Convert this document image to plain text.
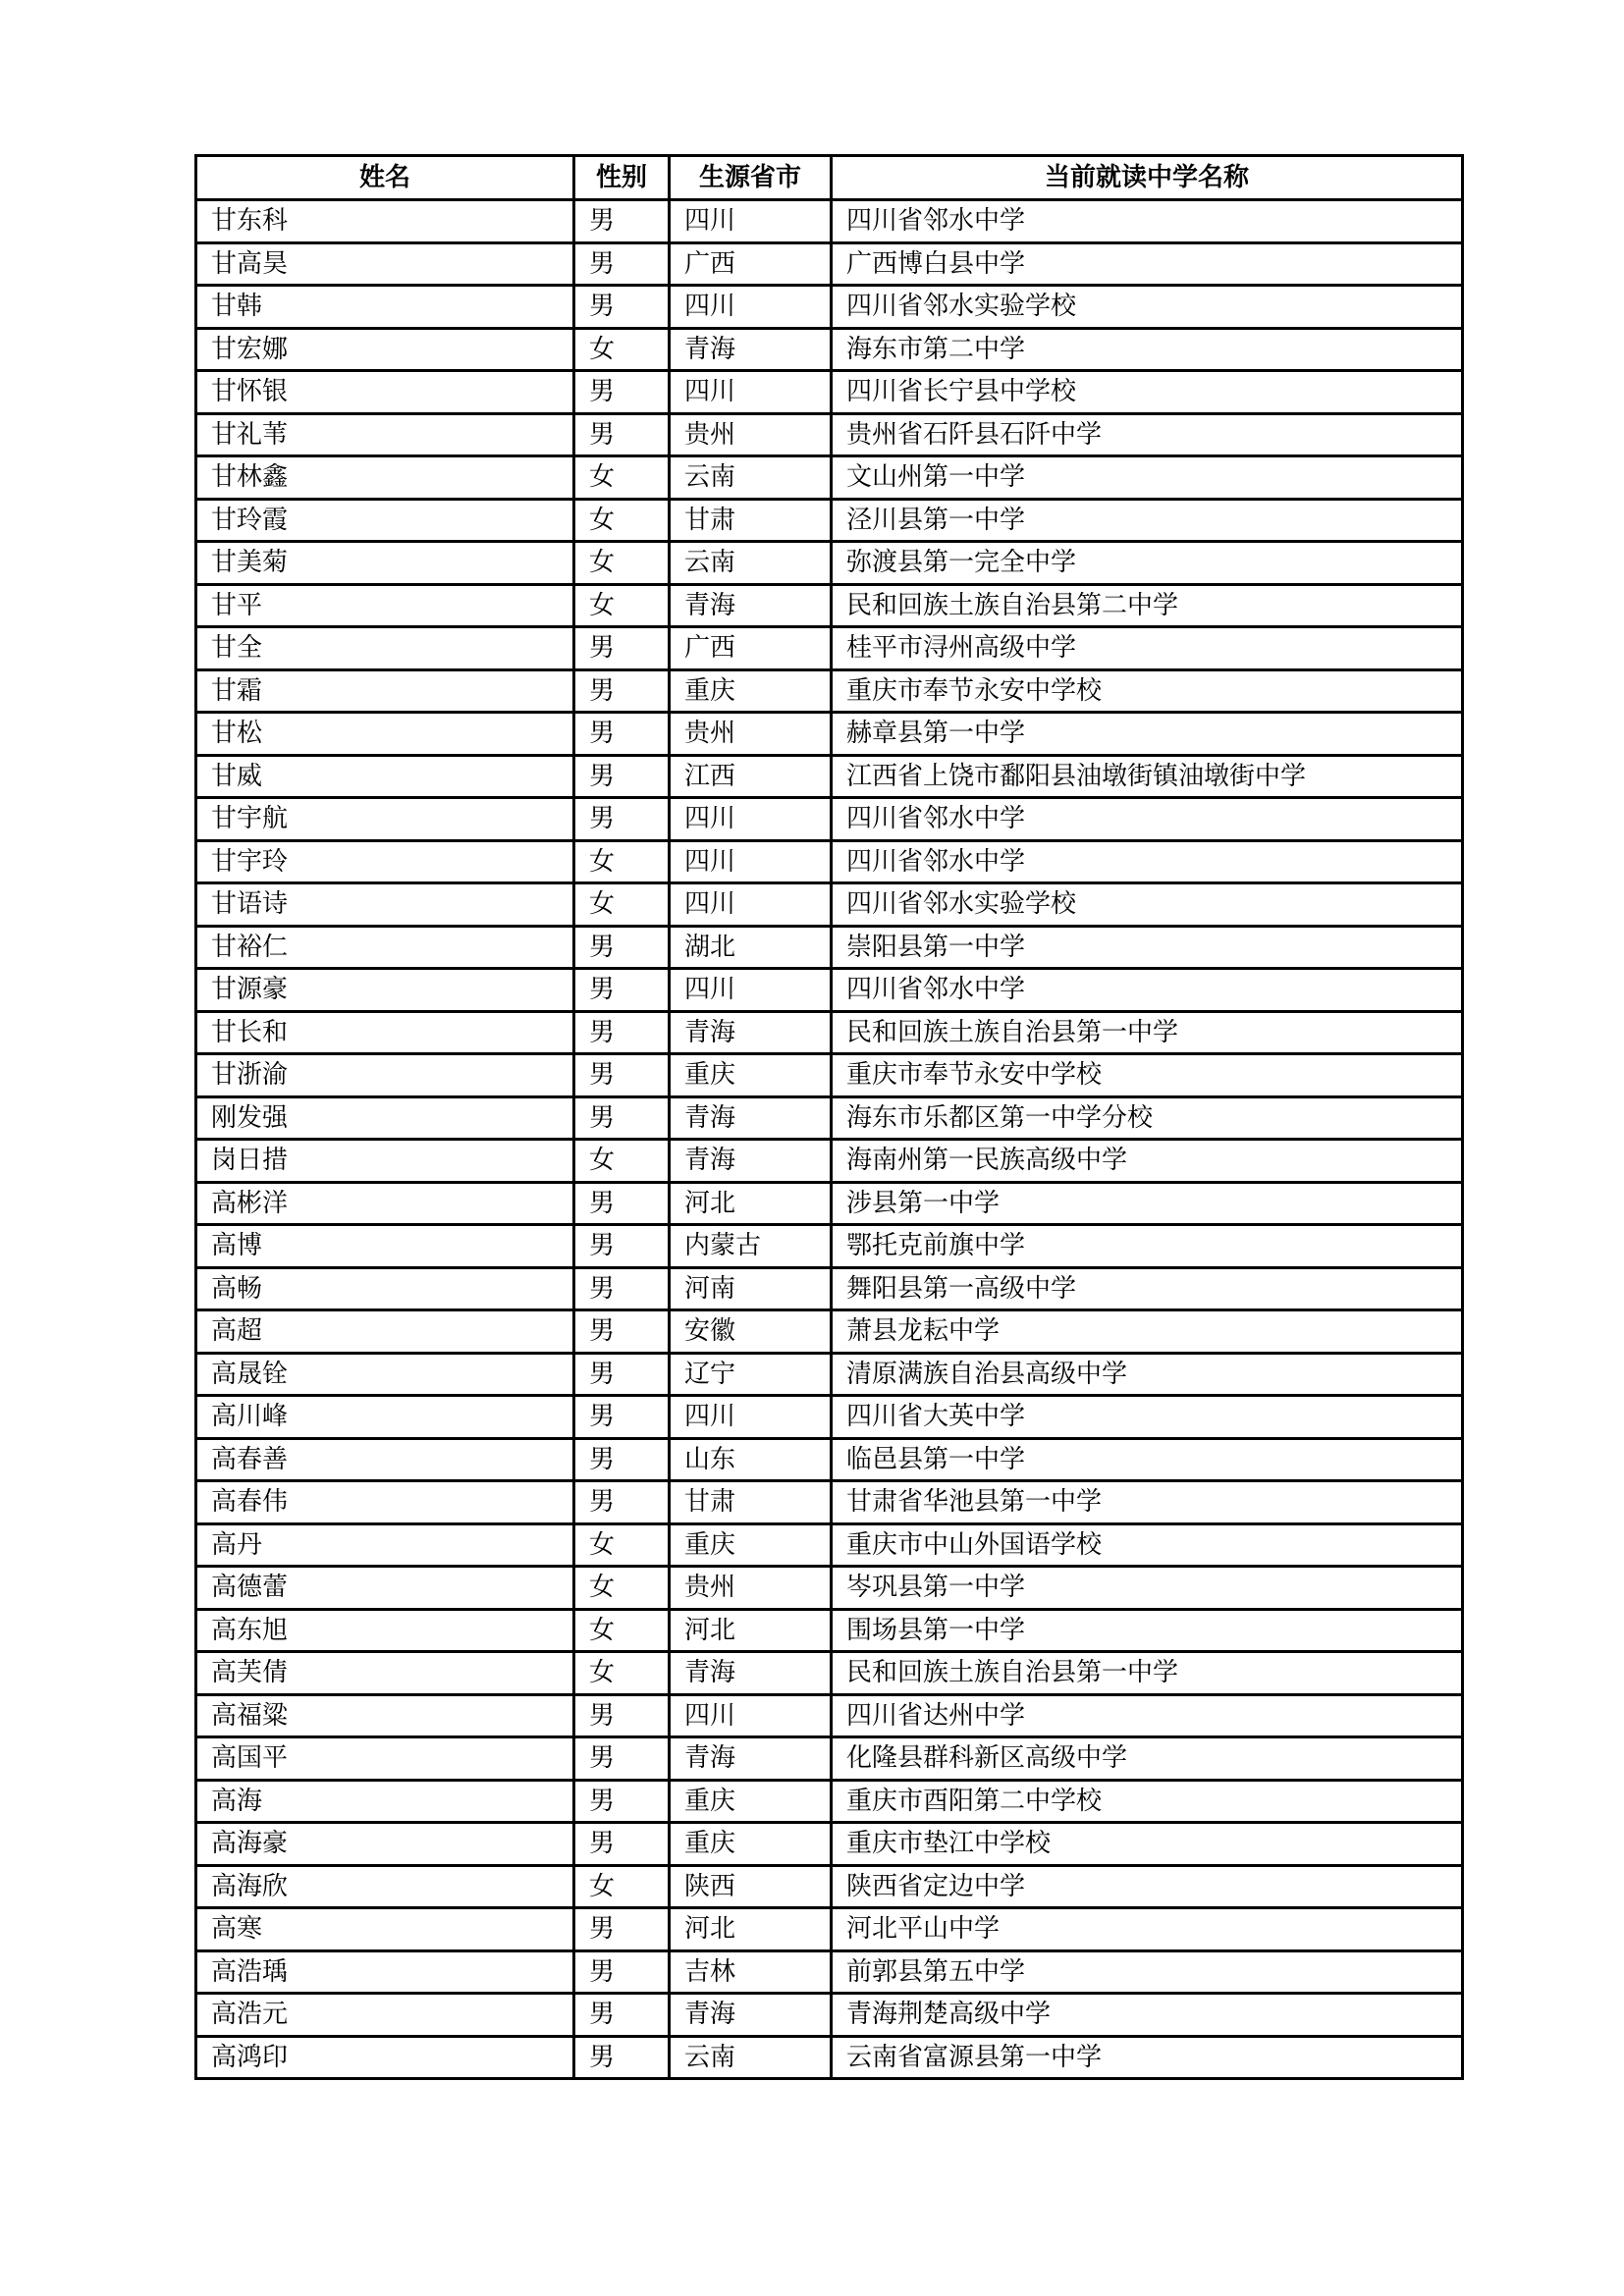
姓名	性别	生源省市	当前就读中学名称
甘东科	男	四川	四川省邻水中学
甘高昊	男	广西	广西博白县中学
甘韩	男	四川	四川省邻水实验学校
甘宏娜	女	青海	海东市第二中学
甘怀银	男	四川	四川省长宁县中学校
甘礼苇	男	贵州	贵州省石阡县石阡中学
甘林鑫	女	云南	文山州第一中学
甘玲霞	女	甘肃	泾川县第一中学
甘美菊	女	云南	弥渡县第一完全中学
甘平	女	青海	民和回族土族自治县第二中学
甘全	男	广西	桂平市浔州高级中学
甘霜	男	重庆	重庆市奉节永安中学校
甘松	男	贵州	赫章县第一中学
甘威	男	江西	江西省上饶市鄱阳县油墩街镇油墩街中学
甘宇航	男	四川	四川省邻水中学
甘宇玲	女	四川	四川省邻水中学
甘语诗	女	四川	四川省邻水实验学校
甘裕仁	男	湖北	崇阳县第一中学
甘源豪	男	四川	四川省邻水中学
甘长和	男	青海	民和回族土族自治县第一中学
甘浙渝	男	重庆	重庆市奉节永安中学校
刚发强	男	青海	海东市乐都区第一中学分校
岗日措	女	青海	海南州第一民族高级中学
高彬洋	男	河北	涉县第一中学
高博	男	内蒙古	鄂托克前旗中学
高畅	男	河南	舞阳县第一高级中学
高超	男	安徽	萧县龙耘中学
高晟铨	男	辽宁	清原满族自治县高级中学
高川峰	男	四川	四川省大英中学
高春善	男	山东	临邑县第一中学
高春伟	男	甘肃	甘肃省华池县第一中学
高丹	女	重庆	重庆市中山外国语学校
高德蕾	女	贵州	岑巩县第一中学
高东旭	女	河北	围场县第一中学
高芙倩	女	青海	民和回族土族自治县第一中学
高福粱	男	四川	四川省达州中学
高国平	男	青海	化隆县群科新区高级中学
高海	男	重庆	重庆市酉阳第二中学校
高海豪	男	重庆	重庆市垫江中学校
高海欣	女	陕西	陕西省定边中学
高寒	男	河北	河北平山中学
高浩瑀	男	吉林	前郭县第五中学
高浩元	男	青海	青海荆楚高级中学
高鸿印	男	云南	云南省富源县第一中学
